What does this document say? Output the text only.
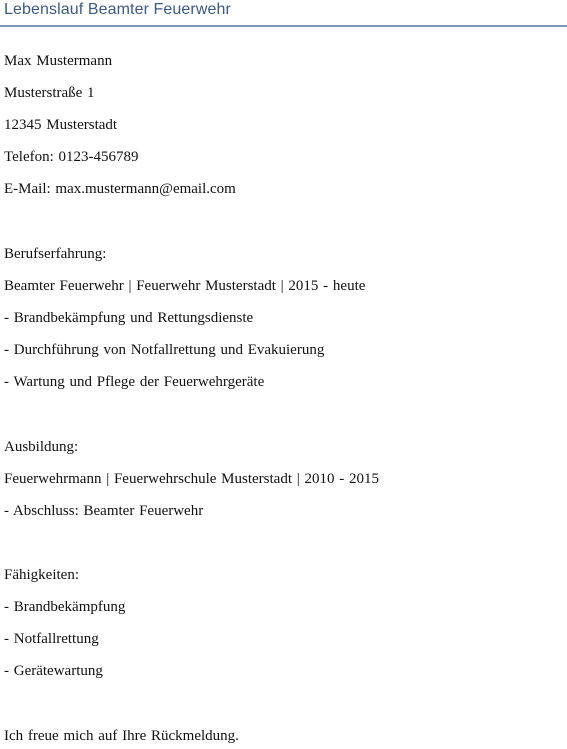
Lebenslauf Beamter Feuerwehr
Max Mustermann
Musterstraße 1
12345 Musterstadt
Telefon: 0123-456789
E-Mail: max.mustermann@email.com
Berufserfahrung:
Beamter Feuerwehr | Feuerwehr Musterstadt | 2015 - heute
- Brandbekämpfung und Rettungsdienste
- Durchführung von Notfallrettung und Evakuierung
- Wartung und Pflege der Feuerwehrgeräte
Ausbildung:
Feuerwehrmann | Feuerwehrschule Musterstadt | 2010 - 2015
- Abschluss: Beamter Feuerwehr
Fähigkeiten:
- Brandbekämpfung
- Notfallrettung
- Gerätewartung
Ich freue mich auf Ihre Rückmeldung.
